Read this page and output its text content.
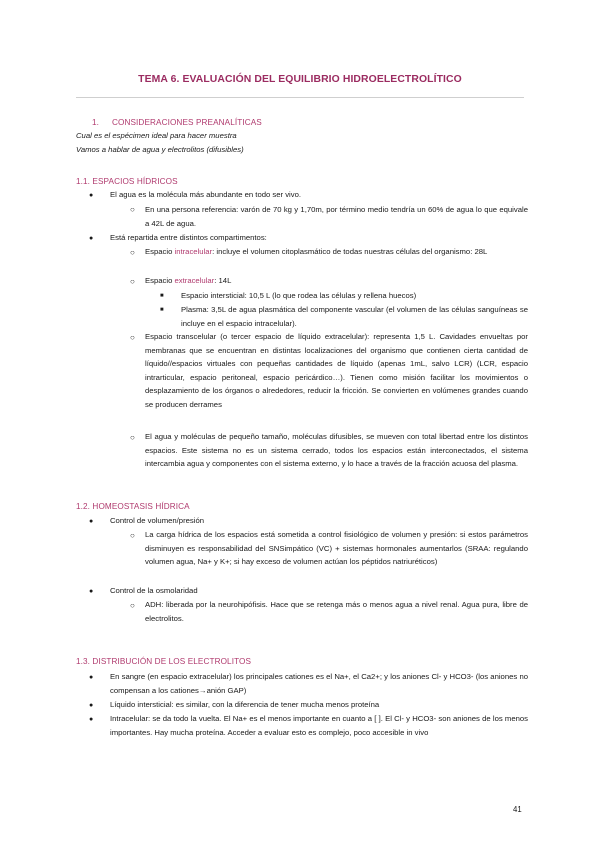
TEMA 6. EVALUACIÓN DEL EQUILIBRIO HIDROELECTROLÍTICO
1. CONSIDERACIONES PREANALÍTICAS
Cual es el espécimen ideal para hacer muestra
Vamos a hablar de agua y electrolitos (difusibles)
1.1. ESPACIOS HÍDRICOS
● El agua es la molécula más abundante en todo ser vivo.
○ En una persona referencia: varón de 70 kg y 1,70m, por término medio tendría un 60% de agua lo que equivale a 42L de agua.
● Está repartida entre distintos compartimentos:
○ Espacio intracelular: incluye el volumen citoplasmático de todas nuestras células del organismo: 28L
○ Espacio extracelular: 14L
■ Espacio intersticial: 10,5 L (lo que rodea las células y rellena huecos)
■ Plasma: 3,5L de agua plasmática del componente vascular (el volumen de las células sanguíneas se incluye en el espacio intracelular).
○ Espacio transcelular (o tercer espacio de líquido extracelular): representa 1,5 L. Cavidades envueltas por membranas que se encuentran en distintas localizaciones del organismo que contienen cierta cantidad de líquido//espacios virtuales con pequeñas cantidades de líquido (apenas 1mL, salvo LCR) (LCR, espacio intrarticular, espacio peritoneal, espacio pericárdico…). Tienen como misión facilitar los movimientos o desplazamiento de los órganos o alrededores, reducir la fricción. Se convierten en volúmenes grandes cuando se producen derrames
○ El agua y moléculas de pequeño tamaño, moléculas difusibles, se mueven con total libertad entre los distintos espacios. Este sistema no es un sistema cerrado, todos los espacios están interconectados, el sistema intercambia agua y componentes con el sistema externo, y lo hace a través de la fracción acuosa del plasma.
1.2. HOMEOSTASIS HÍDRICA
● Control de volumen/presión
○ La carga hídrica de los espacios está sometida a control fisiológico de volumen y presión: si estos parámetros disminuyen es responsabilidad del SNSimpático (VC) + sistemas hormonales aumentarlos (SRAA: regulando volumen agua, Na+ y K+; si hay exceso de volumen actúan los péptidos natriuréticos)
● Control de la osmolaridad
○ ADH: liberada por la neurohipófisis. Hace que se retenga más o menos agua a nivel renal. Agua pura, libre de electrolitos.
1.3. DISTRIBUCIÓN DE LOS ELECTROLITOS
● En sangre (en espacio extracelular) los principales cationes es el Na+, el Ca2+; y los aniones Cl- y HCO3- (los aniones no compensan a los cationes→anión GAP)
● Líquido intersticial: es similar, con la diferencia de tener mucha menos proteína
● Intracelular: se da todo la vuelta. El Na+ es el menos importante en cuanto a [ ]. El Cl- y HCO3- son aniones de los menos importantes. Hay mucha proteína. Acceder a evaluar esto es complejo, poco accesible in vivo
41
